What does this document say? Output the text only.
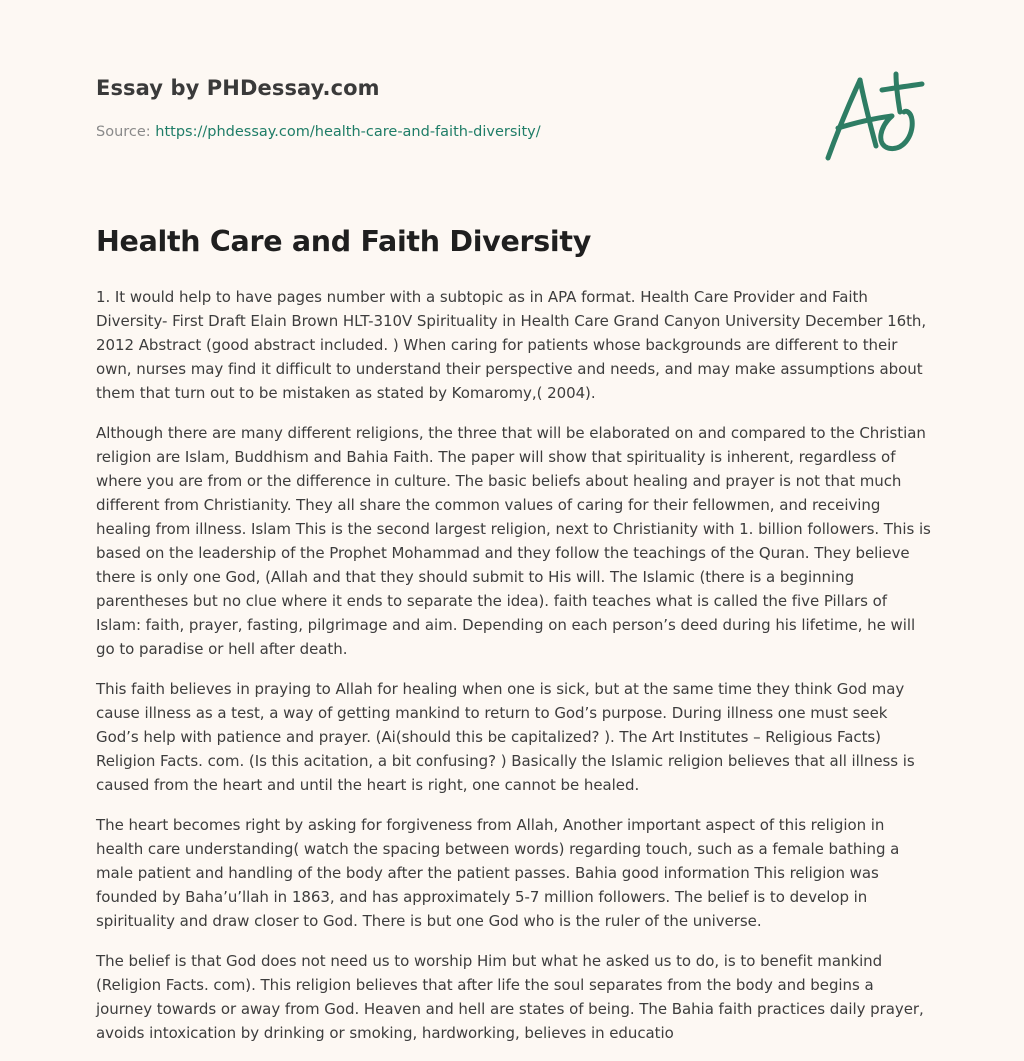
Essay by PHDessay.com
Source: https://phdessay.com/health-care-and-faith-diversity/
Health Care and Faith Diversity

1. It would help to have pages number with a subtopic as in APA format. Health Care Provider and Faith Diversity- First Draft Elain Brown HLT-310V Spirituality in Health Care Grand Canyon University December 16th, 2012 Abstract (good abstract included. ) When caring for patients whose backgrounds are different to their own, nurses may find it difficult to understand their perspective and needs, and may make assumptions about them that turn out to be mistaken as stated by Komaromy,( 2004).

Although there are many different religions, the three that will be elaborated on and compared to the Christian religion are Islam, Buddhism and Bahia Faith. The paper will show that spirituality is inherent, regardless of where you are from or the difference in culture. The basic beliefs about healing and prayer is not that much different from Christianity. They all share the common values of caring for their fellowmen, and receiving healing from illness. Islam This is the second largest religion, next to Christianity with 1. billion followers. This is based on the leadership of the Prophet Mohammad and they follow the teachings of the Quran. They believe there is only one God, (Allah and that they should submit to His will. The Islamic (there is a beginning parentheses but no clue where it ends to separate the idea). faith teaches what is called the five Pillars of Islam: faith, prayer, fasting, pilgrimage and aim. Depending on each person’s deed during his lifetime, he will go to paradise or hell after death.

This faith believes in praying to Allah for healing when one is sick, but at the same time they think God may cause illness as a test, a way of getting mankind to return to God’s purpose. During illness one must seek God’s help with patience and prayer. (Ai(should this be capitalized? ). The Art Institutes – Religious Facts) Religion Facts. com. (Is this acitation, a bit confusing? ) Basically the Islamic religion believes that all illness is caused from the heart and until the heart is right, one cannot be healed.

The heart becomes right by asking for forgiveness from Allah, Another important aspect of this religion in health care understanding( watch the spacing between words) regarding touch, such as a female bathing a male patient and handling of the body after the patient passes. Bahia good information This religion was founded by Baha’u’llah in 1863, and has approximately 5-7 million followers. The belief is to develop in spirituality and draw closer to God. There is but one God who is the ruler of the universe.

The belief is that God does not need us to worship Him but what he asked us to do, is to benefit mankind (Religion Facts. com). This religion believes that after life the soul separates from the body and begins a journey towards or away from God. Heaven and hell are states of being. The Bahia faith practices daily prayer, avoids intoxication by drinking or smoking, hardworking, believes in educatio
